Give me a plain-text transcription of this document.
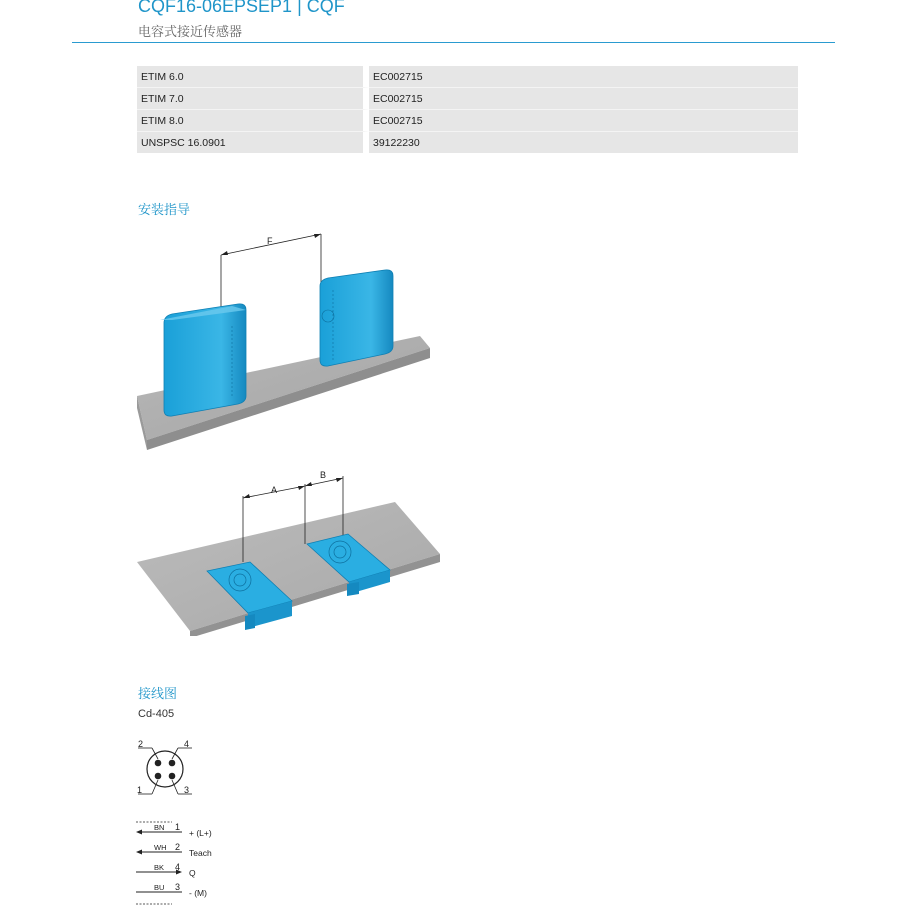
CQF16-06EPSEP1 | CQF
电容式接近传感器
ETIM 6.0	EC002715
ETIM 7.0	EC002715
ETIM 8.0	EC002715
UNSPSC 16.0901	39122230
安装指导
F
A
B
接线图
Cd-405
2	4
1	3
BN 1
+ (L+)
WH 2
Teach
BK 4
Q
BU 3
- (M)
